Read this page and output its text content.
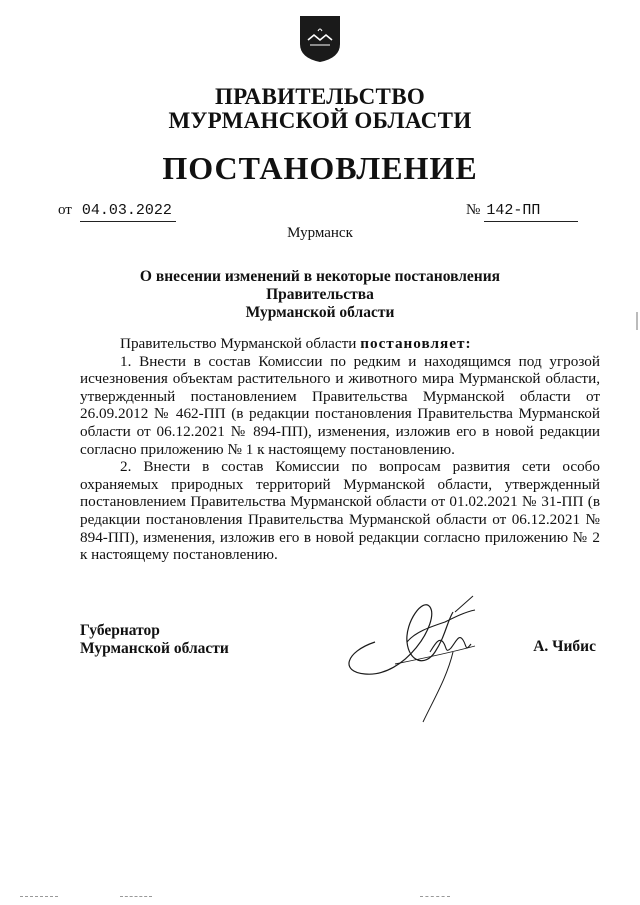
ПРАВИТЕЛЬСТВО
МУРМАНСКОЙ ОБЛАСТИ
ПОСТАНОВЛЕНИЕ
от 04.03.2022	№ 142-ПП
Мурманск
О внесении изменений в некоторые постановления Правительства
Мурманской области

Правительство Мурманской области постановляет:

1. Внести в состав Комиссии по редким и находящимся под угрозой исчезновения объектам растительного и животного мира Мурманской области, утвержденный постановлением Правительства Мурманской области от 26.09.2012 № 462-ПП (в редакции постановления Правительства Мурманской области от 06.12.2021 № 894-ПП), изменения, изложив его в новой редакции согласно приложению № 1 к настоящему постановлению.

2. Внести в состав Комиссии по вопросам развития сети особо охраняемых природных территорий Мурманской области, утвержденный постановлением Правительства Мурманской области от 01.02.2021 № 31-ПП (в редакции постановления Правительства Мурманской области от 06.12.2021 № 894-ПП), изменения, изложив его в новой редакции согласно приложению № 2 к настоящему постановлению.

Губернатор
Мурманской области	А. Чибис
